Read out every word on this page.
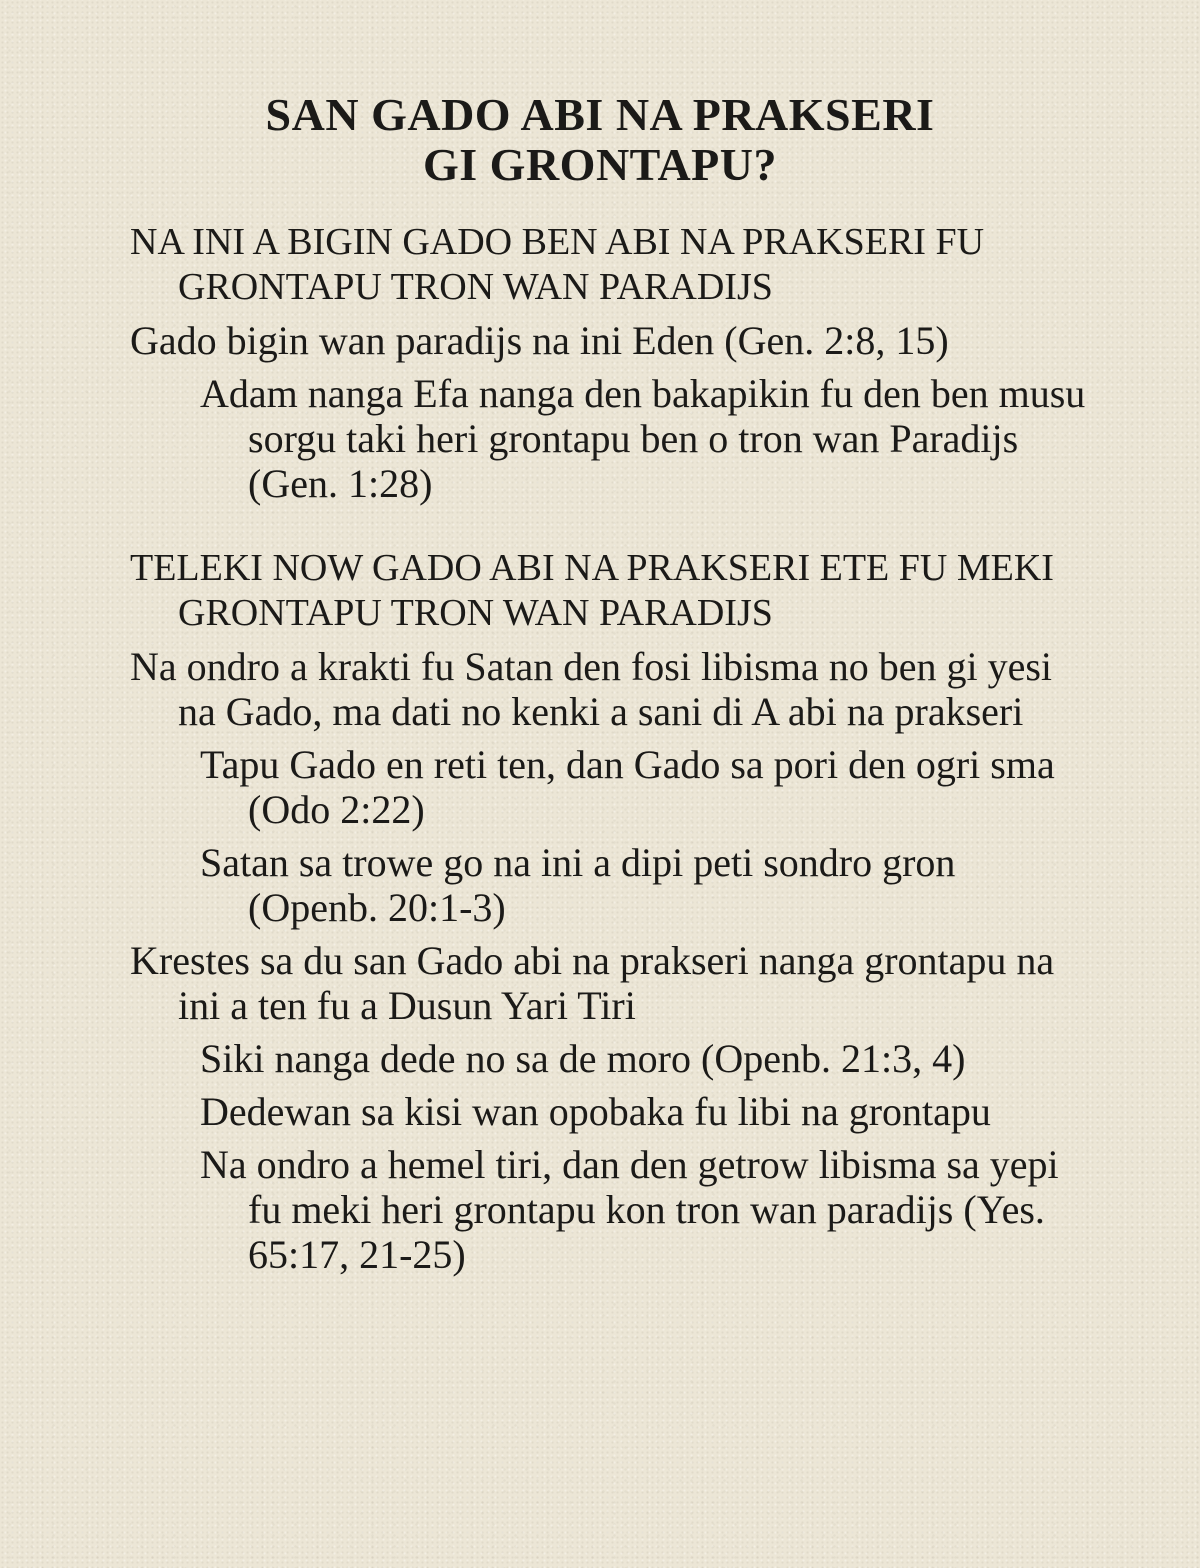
SAN GADO ABI NA PRAKSERI
GI GRONTAPU?
NA INI A BIGIN GADO BEN ABI NA PRAKSERI FU GRONTAPU TRON WAN PARADIJS
Gado bigin wan paradijs na ini Eden (Gen. 2:8, 15)
Adam nanga Efa nanga den bakapikin fu den ben musu sorgu taki heri grontapu ben o tron wan Paradijs (Gen. 1:28)
TELEKI NOW GADO ABI NA PRAKSERI ETE FU MEKI GRONTAPU TRON WAN PARADIJS
Na ondro a krakti fu Satan den fosi libisma no ben gi yesi na Gado, ma dati no kenki a sani di A abi na prakseri
Tapu Gado en reti ten, dan Gado sa pori den ogri sma (Odo 2:22)
Satan sa trowe go na ini a dipi peti sondro gron (Openb. 20:1-3)
Krestes sa du san Gado abi na prakseri nanga grontapu na ini a ten fu a Dusun Yari Tiri
Siki nanga dede no sa de moro (Openb. 21:3, 4)
Dedewan sa kisi wan opobaka fu libi na grontapu
Na ondro a hemel tiri, dan den getrow libisma sa yepi fu meki heri grontapu kon tron wan paradijs (Yes. 65:17, 21-25)
